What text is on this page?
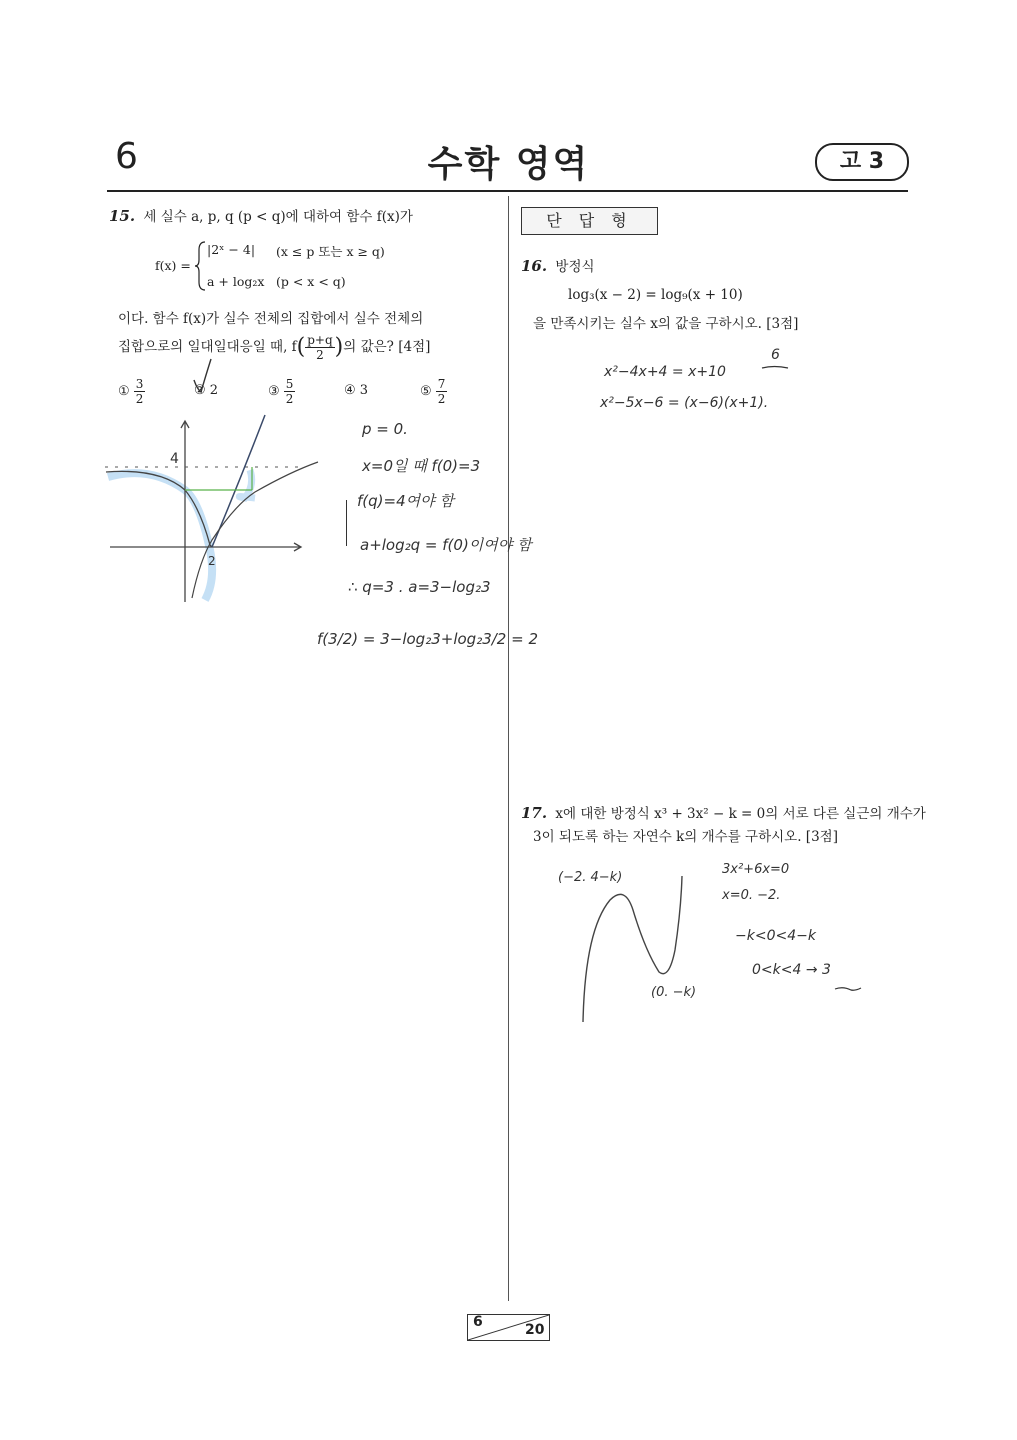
6	수학 영역	고 3
15. 세 실수 a, p, q (p < q)에 대하여 함수 f(x)가
f(x) =
|2ˣ − 4| (x ≤ p 또는 x ≥ q)
a + log₂x (p < x < q)
이다. 함수 f(x)가 실수 전체의 집합에서 실수 전체의
집합으로의 일대일대응일 때, $f( \frac{p+q}{2}$ )의 값은? [4점]
① $\frac{3}{2}$	② 2	③ $\frac{5}{2}$	④ 3	⑤ $\frac{7}{2}$
4
2
p = 0.
x=0일 때 f(0)=3
f(q)=4여야 함
a+log₂q = f(0)이여야 함
∴ q=3 . a=3−log₂3
f(3/2) = 3−log₂3+log₂3/2 = 2
단 답 형
16. 방정식
log₃(x − 2) = log₉(x + 10)
을 만족시키는 실수 x의 값을 구하시오. [3점]
x²−4x+4 = x+10
x²−5x−6 = (x−6)(x+1).
6
17. x에 대한 방정식 x³ + 3x² − k = 0의 서로 다른 실근의 개수가
3이 되도록 하는 자연수 k의 개수를 구하시오. [3점]
(−2. 4−k)
(0. −k)
3x²+6x=0
x=0. −2.
−k<0<4−k
0<k<4 → 3
6	20
